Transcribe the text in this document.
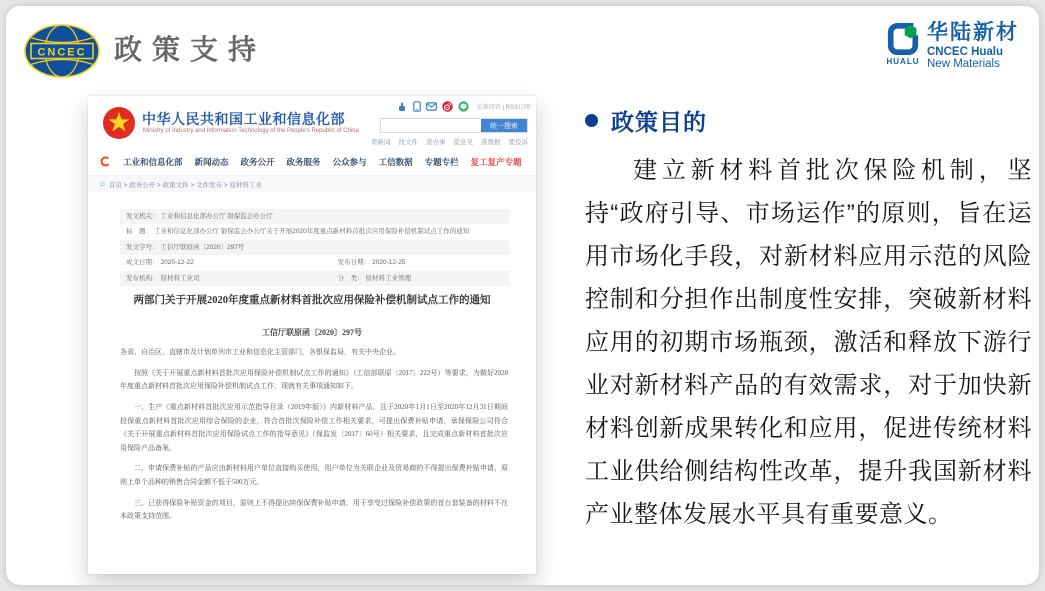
CNCEC 政策支持	HUALU
华陆新材
CNCEC Hualu
New Materials
中华人民共和国工业和信息化部
Ministry of Industry and Information Technology of the People's Republic of China
访客问答 | RSS订阅
统一搜索
看新闻 找文件 查办事 提意见 查数据 要投诉
工业和信息化部 新闻动态 政务公开 政务服务 公众参与 工信数据 专题专栏 复工复产专题
⌂ 首页 > 政务公开 > 政策文件 > 文件发布 > 原材料工业
发文机关： 工业和信息化部办公厅 银保监会办公厅
标　题： 工业和信息化部办公厅 银保监会办公厅关于开展2020年度重点新材料首批次应用保险补偿机制试点工作的通知
发文字号： 工信厅联原函〔2020〕297号
成文日期： 2020-12-22	发布日期： 2020-12-25
发布机构： 原材料工业司	分　类： 原材料工业管理
两部门关于开展2020年度重点新材料首批次应用保险补偿机制试点工作的通知
工信厅联原函〔2020〕297号

各省、自治区、直辖市及计划单列市工业和信息化主管部门，各银保监局，有关中央企业。

按照《关于开展重点新材料首批次应用保险补偿机制试点工作的通知》（工信部联原〔2017〕222号）等要求，为做好2020年度重点新材料首批次应用保险补偿机制试点工作，现就有关事项通知如下。

一、生产《重点新材料首批次应用示范指导目录（2019年版）》内新材料产品，且于2020年1月1日至2020年12月31日期间投保重点新材料首批次应用综合保险的企业，符合首批次保险补偿工作相关要求，可提出保费补贴申请，承保保险公司符合《关于开展重点新材料首批次应用保险试点工作的指导意见》（保监发〔2017〕60号）相关要求，且完成重点新材料首批次应用保险产品备案。

二、申请保费补贴的产品应由新材料用户单位直接购买使用，用户单位为关联企业及贸易商的不得提出保费补贴申请，原则上单个品种的销售合同金额不低于500万元。

三、已获得保险补贴资金的项目，原则上不得提出续保保费补贴申请，用于享受过保险补偿政策的首台套装备的材料不在本政策支持范围。

政策目的
建立新材料首批次保险机制，坚持“政府引导、市场运作”的原则，旨在运用市场化手段，对新材料应用示范的风险控制和分担作出制度性安排，突破新材料应用的初期市场瓶颈，激活和释放下游行业对新材料产品的有效需求，对于加快新材料创新成果转化和应用，促进传统材料工业供给侧结构性改革，提升我国新材料产业整体发展水平具有重要意义。
